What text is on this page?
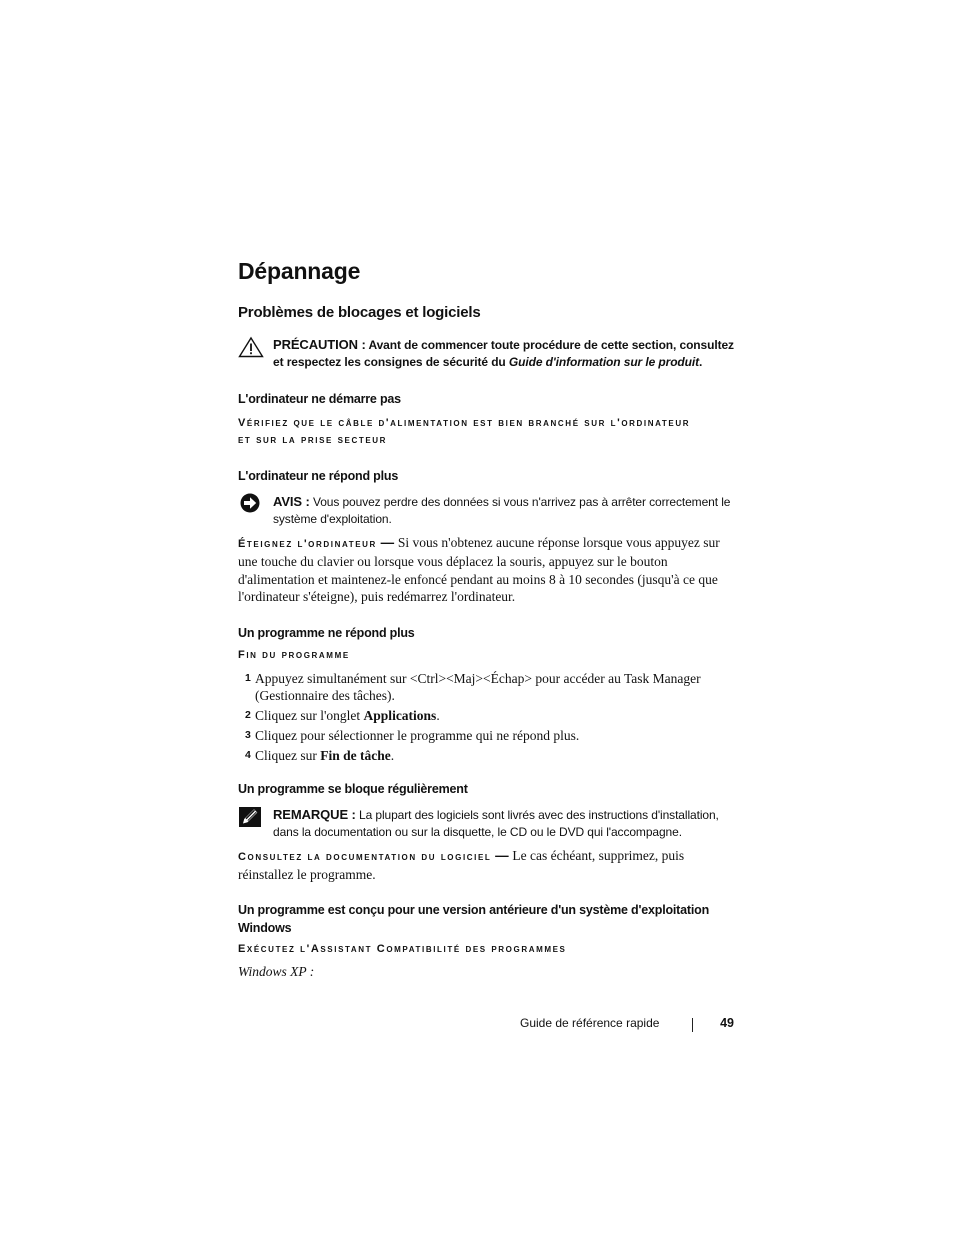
Dépannage
Problèmes de blocages et logiciels
PRÉCAUTION : Avant de commencer toute procédure de cette section, consultez
et respectez les consignes de sécurité du Guide d'information sur le produit.
L'ordinateur ne démarre pas
Vérifiez que le câble d'alimentation est bien branché sur l'ordinateur
et sur la prise secteur
L'ordinateur ne répond plus
AVIS : Vous pouvez perdre des données si vous n'arrivez pas à arrêter correctement le système d'exploitation.
Éteignez l'ordinateur — Si vous n'obtenez aucune réponse lorsque vous appuyez sur une touche du clavier ou lorsque vous déplacez la souris, appuyez sur le bouton d'alimentation et maintenez-le enfoncé pendant au moins 8 à 10 secondes (jusqu'à ce que l'ordinateur s'éteigne), puis redémarrez l'ordinateur.
Un programme ne répond plus
Fin du programme
1 Appuyez simultanément sur <Ctrl><Maj><Échap> pour accéder au Task Manager (Gestionnaire des tâches).
2 Cliquez sur l'onglet Applications.
3 Cliquez pour sélectionner le programme qui ne répond plus.
4 Cliquez sur Fin de tâche.
Un programme se bloque régulièrement
REMARQUE : La plupart des logiciels sont livrés avec des instructions d'installation, dans la documentation ou sur la disquette, le CD ou le DVD qui l'accompagne.
Consultez la documentation du logiciel — Le cas échéant, supprimez, puis réinstallez le programme.
Un programme est conçu pour une version antérieure d'un système d'exploitation Windows
Exécutez l'Assistant Compatibilité des programmes
Windows XP :
Guide de référence rapide	49
